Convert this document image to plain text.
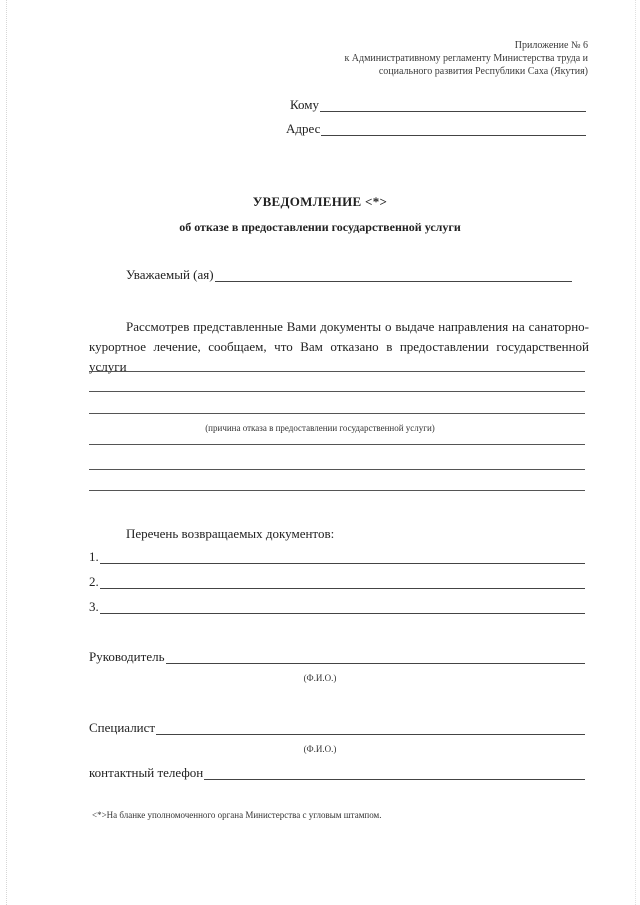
Приложение № 6
к Административному регламенту Министерства труда и
социального развития Республики Саха (Якутия)
Кому
Адрес
УВЕДОМЛЕНИЕ <*>
об отказе в предоставлении государственной услуги
Уважаемый (ая)
Рассмотрев представленные Вами документы о выдаче направления на санаторно-курортное лечение, сообщаем, что Вам отказано в предоставлении государственной услуги
(причина отказа в предоставлении государственной услуги)
Перечень возвращаемых документов:
1.
2.
3.
Руководитель
(Ф.И.О.)
Специалист
(Ф.И.О.)
контактный телефон
<*>На бланке уполномоченного органа Министерства с угловым штампом.
